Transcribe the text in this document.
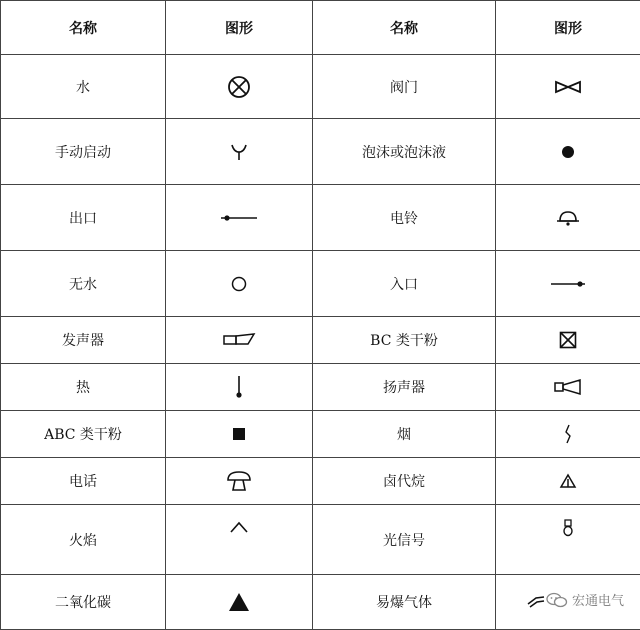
名称	图形	名称	图形
水		阀门	
手动启动		泡沫或泡沫液	
出口		电铃	
无水		入口	
发声器		BC 类干粉	
热		扬声器	
ABC 类干粉		烟	
电话		卤代烷	
火焰		光信号	
二氧化碳		易爆气体		宏通电气
